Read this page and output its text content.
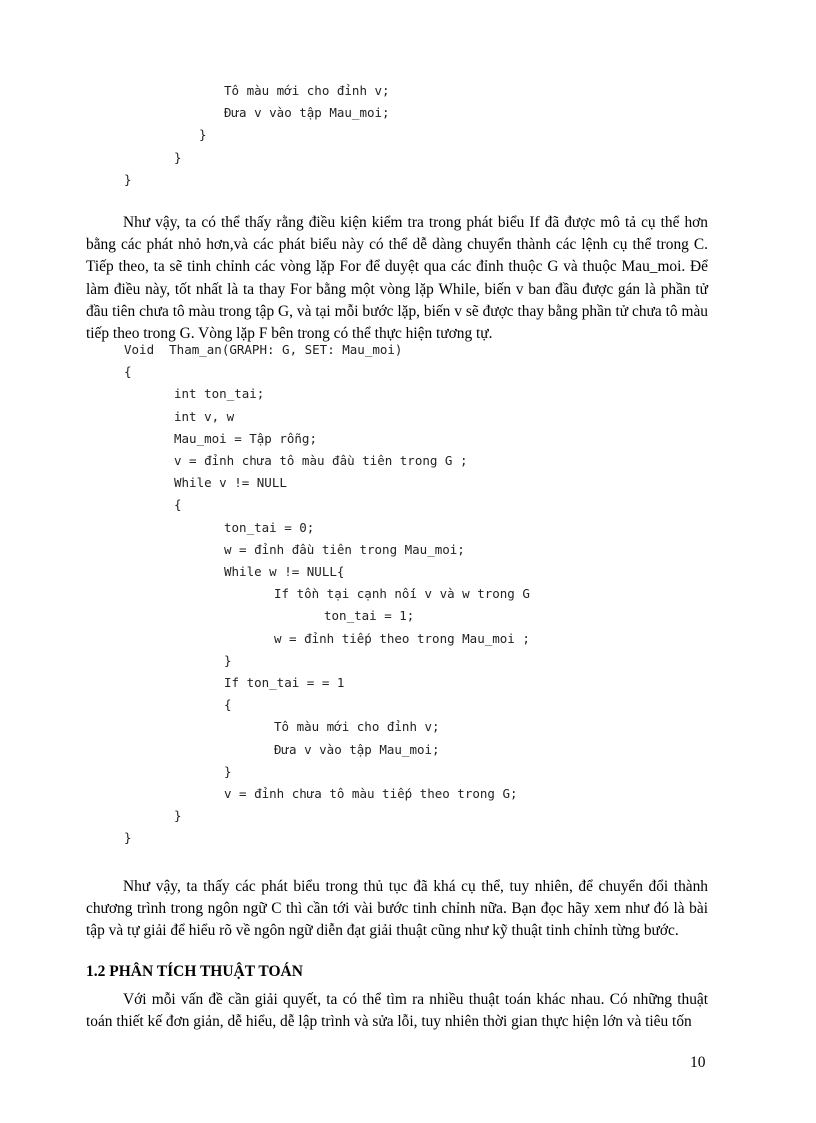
Tô màu mới cho đỉnh v;
Đưa v vào tập Mau_moi;
}
}
}

Như vậy, ta có thể thấy rằng điều kiện kiểm tra trong phát biểu If đã được mô tả cụ thể hơn bằng các phát nhỏ hơn,và các phát biểu này có thể dễ dàng chuyển thành các lệnh cụ thể trong C. Tiếp theo, ta sẽ tinh chỉnh các vòng lặp For để duyệt qua các đỉnh thuộc G và thuộc Mau_moi. Để làm điều này, tốt nhất là ta thay For bằng một vòng lặp While, biến v ban đầu được gán là phần tử đầu tiên chưa tô màu trong tập G, và tại mỗi bước lặp, biến v sẽ được thay bằng phần tử chưa tô màu tiếp theo trong G. Vòng lặp F bên trong có thể thực hiện tương tự.

Void  Tham_an(GRAPH: G, SET: Mau_moi)
{
int ton_tai;
int v, w
Mau_moi = Tập rỗng;
v = đỉnh chưa tô màu đầu tiên trong G ;
While v != NULL
{
ton_tai = 0;
w = đỉnh đầu tiên trong Mau_moi;
While w != NULL{
If tồn tại cạnh nối v và w trong G
ton_tai = 1;
w = đỉnh tiếp theo trong Mau_moi ;
}
If ton_tai = = 1
{
Tô màu mới cho đỉnh v;
Đưa v vào tập Mau_moi;
}
v = đỉnh chưa tô màu tiếp theo trong G;
}
}

Như vậy, ta thấy các phát biểu trong thủ tục đã khá cụ thể, tuy nhiên, để chuyển đổi thành chương trình trong ngôn ngữ C thì cần tới vài bước tinh chỉnh nữa. Bạn đọc hãy xem như đó là bài tập và tự giải để hiểu rõ về ngôn ngữ diễn đạt giải thuật cũng như kỹ thuật tinh chỉnh từng bước.

1.2 PHÂN TÍCH THUẬT TOÁN

Với mỗi vấn đề cần giải quyết, ta có thể tìm ra nhiều thuật toán khác nhau. Có những thuật toán thiết kế đơn giản, dễ hiểu, dễ lập trình và sửa lỗi, tuy nhiên thời gian thực hiện lớn và tiêu tốn

10
